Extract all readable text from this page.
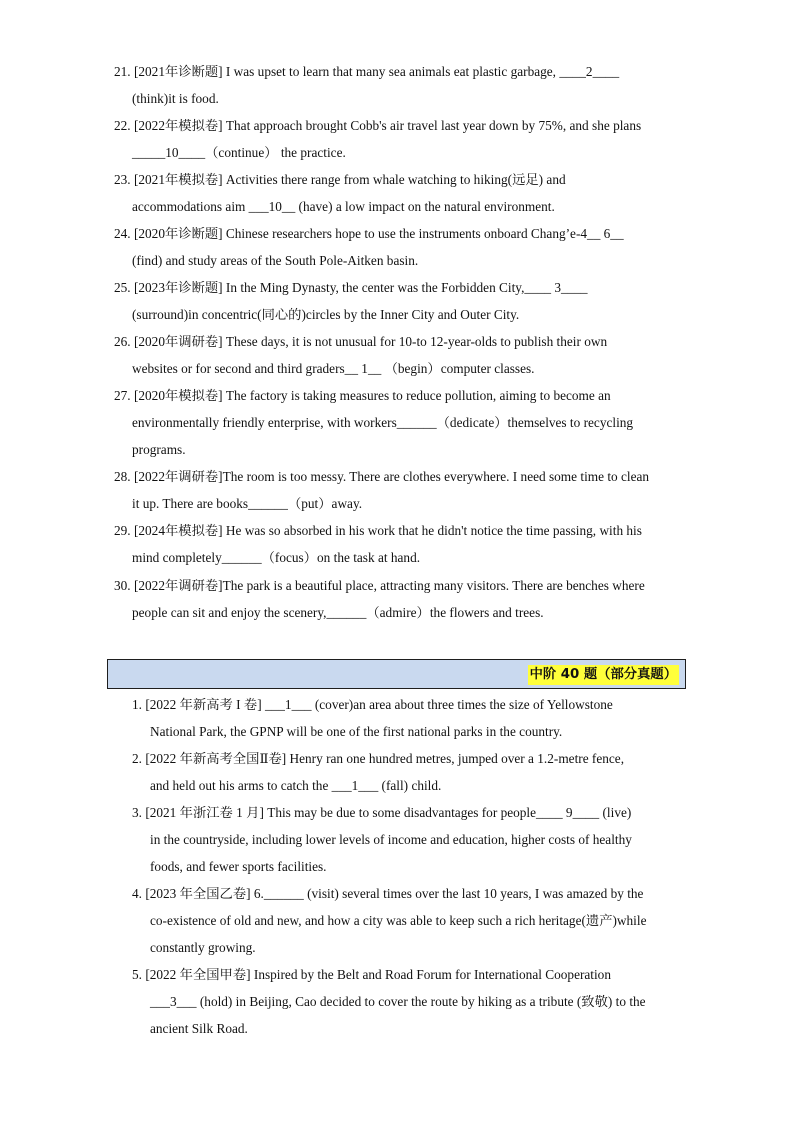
21. [2021年诊断题] I was upset to learn that many sea animals eat plastic garbage, ____2____
(think)it is food.
22. [2022年模拟卷] That approach brought Cobb's air travel last year down by 75%, and she plans
_____10____（continue） the practice.
23. [2021年模拟卷] Activities there range from whale watching to hiking(远足) and
accommodations aim ___10__ (have) a low impact on the natural environment.
24. [2020年诊断题] Chinese researchers hope to use the instruments onboard Chang’e-4__ 6__
(find) and study areas of the South Pole-Aitken basin.
25. [2023年诊断题] In the Ming Dynasty, the center was the Forbidden City,____ 3____
(surround)in concentric(同心的)circles by the Inner City and Outer City.
26. [2020年调研卷] These days, it is not unusual for 10-to 12-year-olds to publish their own
websites or for second and third graders__ 1__ （begin）computer classes.
27. [2020年模拟卷] The factory is taking measures to reduce pollution, aiming to become an
environmentally friendly enterprise, with workers______（dedicate）themselves to recycling
programs.
28. [2022年调研卷]The room is too messy. There are clothes everywhere. I need some time to clean
it up. There are books______（put）away.
29. [2024年模拟卷] He was so absorbed in his work that he didn't notice the time passing, with his
mind completely______（focus）on the task at hand.
30. [2022年调研卷]The park is a beautiful place, attracting many visitors. There are benches where
people can sit and enjoy the scenery,______（admire）the flowers and trees.
中阶 40 题（部分真题）
1. [2022 年新高考 I 卷] ___1___ (cover)an area about three times the size of Yellowstone
National Park, the GPNP will be one of the first national parks in the country.
2. [2022 年新高考全国Ⅱ卷] Henry ran one hundred metres, jumped over a 1.2-metre fence,
and held out his arms to catch the ___1___ (fall) child.
3. [2021 年浙江卷 1 月] This may be due to some disadvantages for people____ 9____ (live)
in the countryside, including lower levels of income and education, higher costs of healthy
foods, and fewer sports facilities.
4. [2023 年全国乙卷] 6.______ (visit) several times over the last 10 years, I was amazed by the
co-existence of old and new, and how a city was able to keep such a rich heritage(遗产)while
constantly growing.
5. [2022 年全国甲卷] Inspired by the Belt and Road Forum for International Cooperation
___3___ (hold) in Beijing, Cao decided to cover the route by hiking as a tribute (致敬) to the
ancient Silk Road.
